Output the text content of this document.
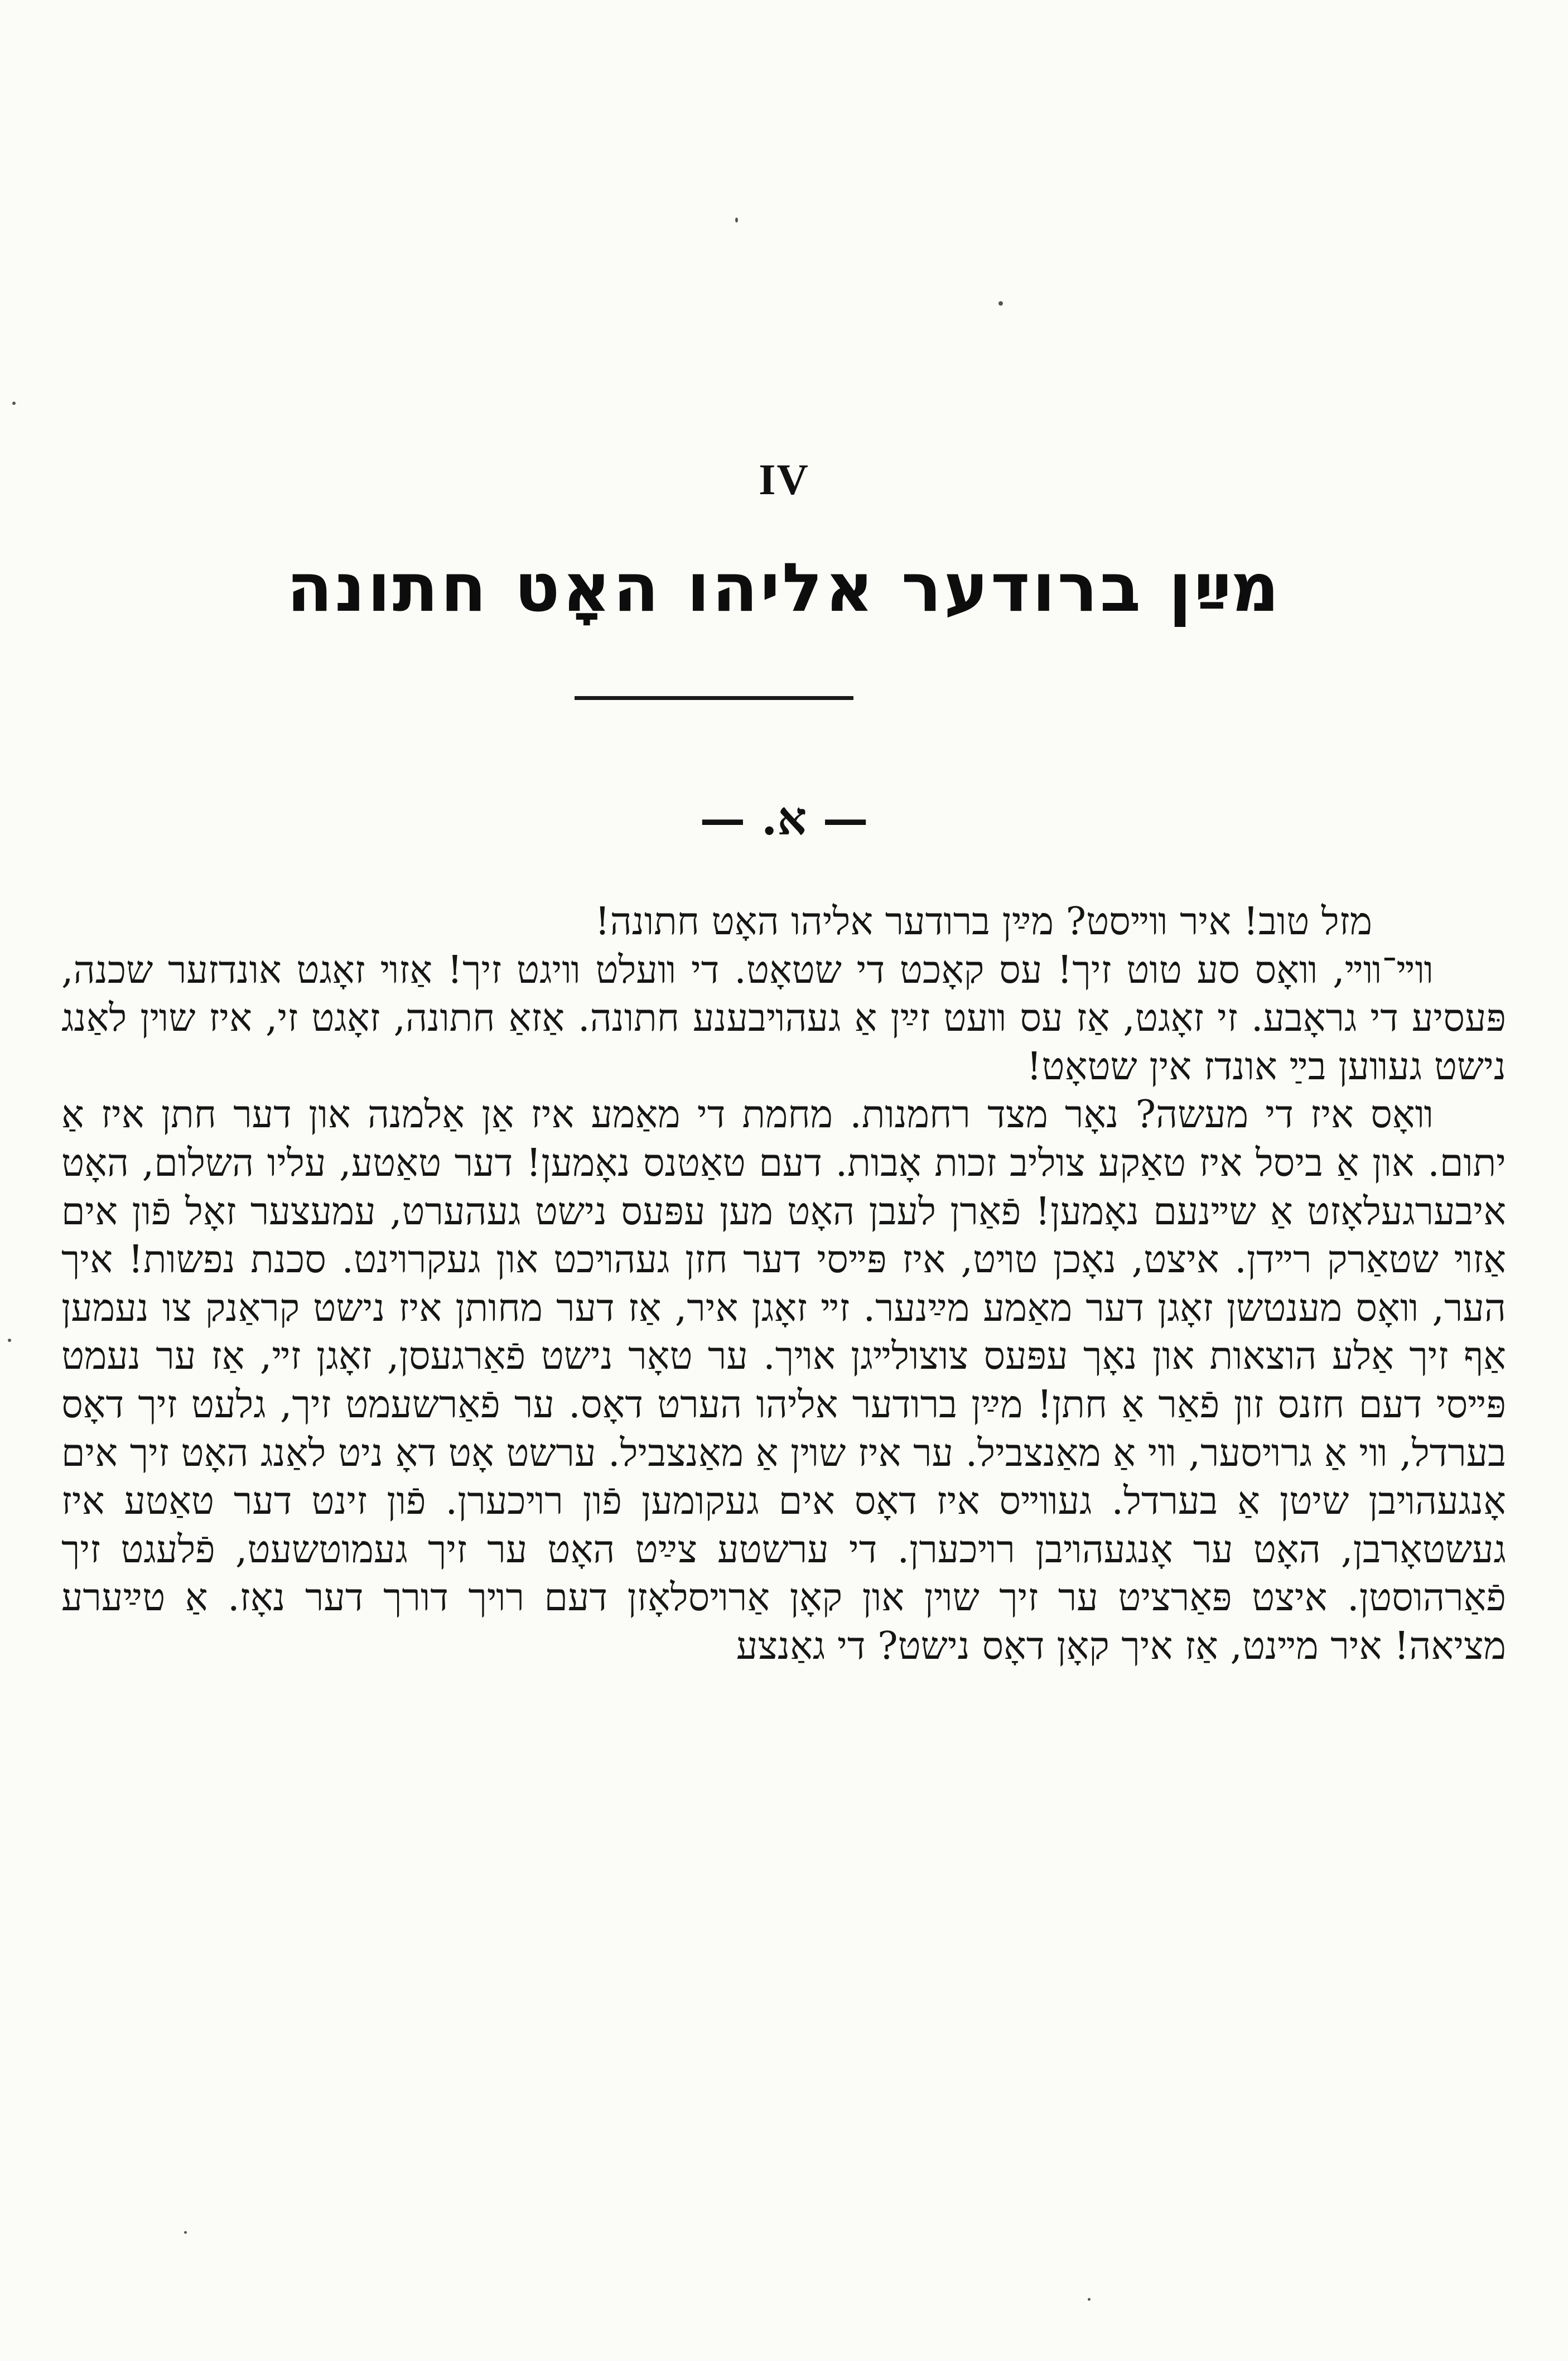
IV
מײַן ברודער אליהו האָט חתונה
— א. —

מזל טוב! איר װײסט? מײַן ברודער אליהו האָט חתונה!

װײ־װײ, װאָס סע טוט זיך! עס קאָכט די שטאָט. די װעלט װיגט זיך! אַזױ זאָגט אונדזער שכנה, פּעסיע די גראָבע. זי זאָגט, אַז עס װעט זײַן אַ געהױבענע חתונה. אַזאַ חתונה, זאָגט זי, איז שױן לאַנג נישט געװען בײַ אונדז אין שטאָט!

װאָס איז די מעשה? נאָר מצד רחמנות. מחמת די מאַמע איז אַן אַלמנה און דער חתן איז אַ יתום. און אַ ביסל איז טאַקע צוליב זכות אָבות. דעם טאַטנס נאָמען! דער טאַטע, עליו השלום, האָט איבערגעלאָזט אַ שײנעם נאָמען! פֿאַרן לעבן האָט מען עפּעס נישט געהערט, עמעצער זאָל פֿון אים אַזױ שטאַרק רײדן. איצט, נאָכן טױט, איז פּײסי דער חזן געהױכט און געקרױנט. סכנת נפשות! איך הער, װאָס מענטשן זאָגן דער מאַמע מײַנער. זײ זאָגן איר, אַז דער מחותן איז נישט קראַנק צו נעמען אַף זיך אַלע הוצאות און נאָך עפּעס צוצולײגן אױך. ער טאָר נישט פֿאַרגעסן, זאָגן זײ, אַז ער נעמט פּײסי דעם חזנס זון פֿאַר אַ חתן! מײַן ברודער אליהו הערט דאָס. ער פֿאַרשעמט זיך, גלעט זיך דאָס בערדל, װי אַ גרױסער, װי אַ מאַנצביל. ער איז שױן אַ מאַנצביל. ערשט אָט דאָ ניט לאַנג האָט זיך אים אָנגעהױבן שיטן אַ בערדל. געװײס איז דאָס אים געקומען פֿון רױכערן. פֿון זינט דער טאַטע איז געשטאָרבן, האָט ער אָנגעהױבן רױכערן. די ערשטע צײַט האָט ער זיך געמוטשעט, פֿלעגט זיך פֿאַרהוסטן. איצט פּאַרציט ער זיך שױן און קאָן אַרױסלאָזן דעם רױך דורך דער נאָז. אַ טײַערע מציאה! איר מײנט, אַז איך קאָן דאָס נישט? די גאַנצע
